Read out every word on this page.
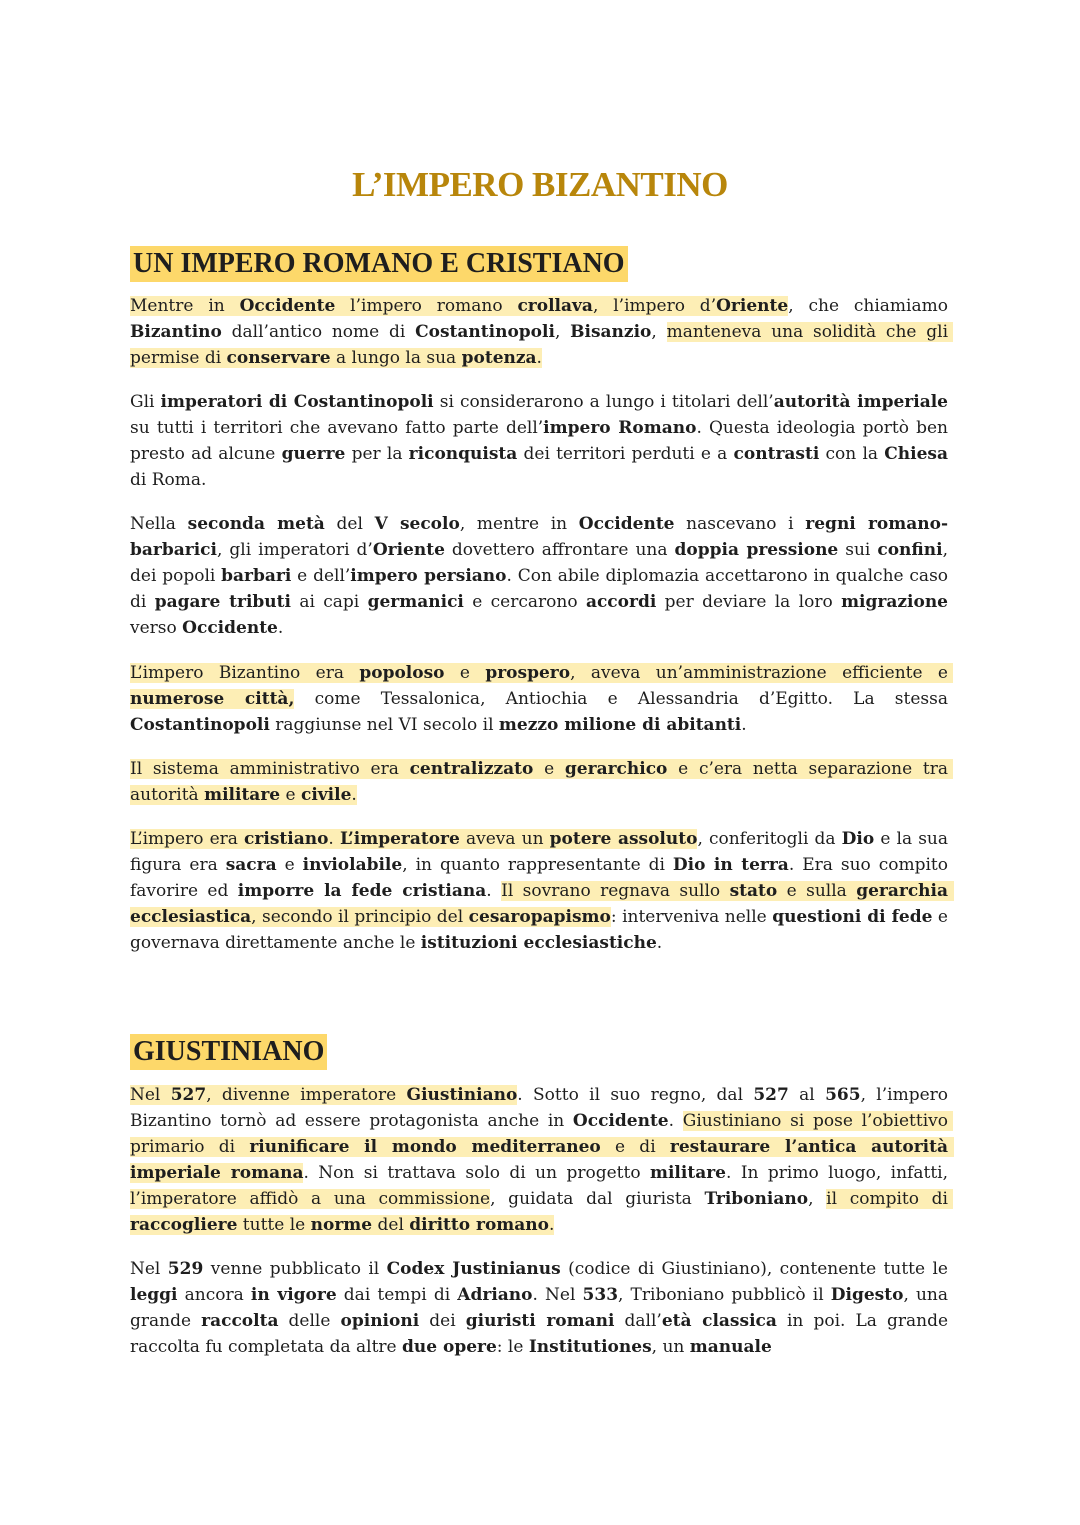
L’IMPERO BIZANTINO
UN IMPERO ROMANO E CRISTIANO

Mentre in Occidente l’impero romano crollava, l’impero d’Oriente, che chiamiamo Bizantino dall’antico nome di Costantinopoli, Bisanzio, manteneva una solidità che gli permise di conservare a lungo la sua potenza.

Gli imperatori di Costantinopoli si considerarono a lungo i titolari dell’autorità imperiale su tutti i territori che avevano fatto parte dell’impero Romano. Questa ideologia portò ben presto ad alcune guerre per la riconquista dei territori perduti e a contrasti con la Chiesa di Roma.

Nella seconda metà del V secolo, mentre in Occidente nascevano i regni romano-barbarici, gli imperatori d’Oriente dovettero affrontare una doppia pressione sui confini, dei popoli barbari e dell’impero persiano. Con abile diplomazia accettarono in qualche caso di pagare tributi ai capi germanici e cercarono accordi per deviare la loro migrazione verso Occidente.

L’impero Bizantino era popoloso e prospero, aveva un’amministrazione efficiente e numerose città, come Tessalonica, Antiochia e Alessandria d’Egitto. La stessa Costantinopoli raggiunse nel VI secolo il mezzo milione di abitanti.

Il sistema amministrativo era centralizzato e gerarchico e c’era netta separazione tra autorità militare e civile.

L’impero era cristiano. L’imperatore aveva un potere assoluto, conferitogli da Dio e la sua figura era sacra e inviolabile, in quanto rappresentante di Dio in terra. Era suo compito favorire ed imporre la fede cristiana. Il sovrano regnava sullo stato e sulla gerarchia ecclesiastica, secondo il principio del cesaropapismo: interveniva nelle questioni di fede e governava direttamente anche le istituzioni ecclesiastiche.

GIUSTINIANO

Nel 527, divenne imperatore Giustiniano. Sotto il suo regno, dal 527 al 565, l’impero Bizantino tornò ad essere protagonista anche in Occidente. Giustiniano si pose l’obiettivo primario di riunificare il mondo mediterraneo e di restaurare l’antica autorità imperiale romana. Non si trattava solo di un progetto militare. In primo luogo, infatti, l’imperatore affidò a una commissione, guidata dal giurista Triboniano, il compito di raccogliere tutte le norme del diritto romano.

Nel 529 venne pubblicato il Codex Justinianus (codice di Giustiniano), contenente tutte le leggi ancora in vigore dai tempi di Adriano. Nel 533, Triboniano pubblicò il Digesto, una grande raccolta delle opinioni dei giuristi romani dall’età classica in poi. La grande raccolta fu completata da altre due opere: le Institutiones, un manuale
